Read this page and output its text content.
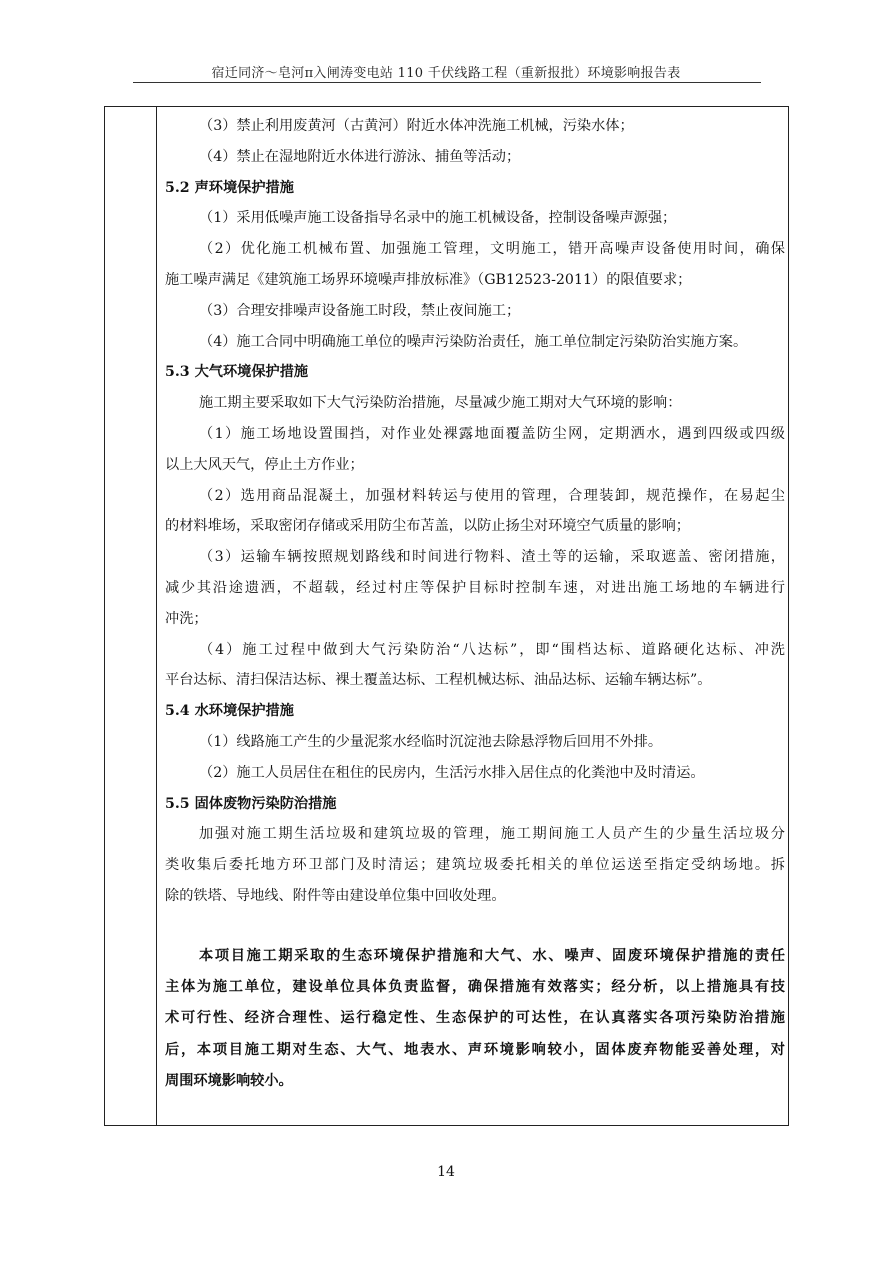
宿迁同济～皂河π入闸涛变电站 110 千伏线路工程（重新报批）环境影响报告表
（3）禁止利用废黄河（古黄河）附近水体冲洗施工机械，污染水体；
（4）禁止在湿地附近水体进行游泳、捕鱼等活动；
5.2 声环境保护措施
（1）采用低噪声施工设备指导名录中的施工机械设备，控制设备噪声源强；
（2）优化施工机械布置、加强施工管理，文明施工，错开高噪声设备使用时间，确保
施工噪声满足《建筑施工场界环境噪声排放标准》（GB12523-2011）的限值要求；
（3）合理安排噪声设备施工时段，禁止夜间施工；
（4）施工合同中明确施工单位的噪声污染防治责任，施工单位制定污染防治实施方案。
5.3 大气环境保护措施
施工期主要采取如下大气污染防治措施，尽量减少施工期对大气环境的影响：
（1）施工场地设置围挡，对作业处裸露地面覆盖防尘网，定期洒水，遇到四级或四级
以上大风天气，停止土方作业；
（2）选用商品混凝土，加强材料转运与使用的管理，合理装卸，规范操作，在易起尘
的材料堆场，采取密闭存储或采用防尘布苫盖，以防止扬尘对环境空气质量的影响；
（3）运输车辆按照规划路线和时间进行物料、渣土等的运输，采取遮盖、密闭措施，
减少其沿途遗洒，不超载，经过村庄等保护目标时控制车速，对进出施工场地的车辆进行
冲洗；
（4）施工过程中做到大气污染防治“八达标”，即“围档达标、道路硬化达标、冲洗
平台达标、清扫保洁达标、裸土覆盖达标、工程机械达标、油品达标、运输车辆达标”。
5.4 水环境保护措施
（1）线路施工产生的少量泥浆水经临时沉淀池去除悬浮物后回用不外排。
（2）施工人员居住在租住的民房内，生活污水排入居住点的化粪池中及时清运。
5.5 固体废物污染防治措施
加强对施工期生活垃圾和建筑垃圾的管理，施工期间施工人员产生的少量生活垃圾分
类收集后委托地方环卫部门及时清运；建筑垃圾委托相关的单位运送至指定受纳场地。拆
除的铁塔、导地线、附件等由建设单位集中回收处理。
本项目施工期采取的生态环境保护措施和大气、水、噪声、固废环境保护措施的责任
主体为施工单位，建设单位具体负责监督，确保措施有效落实；经分析，以上措施具有技
术可行性、经济合理性、运行稳定性、生态保护的可达性，在认真落实各项污染防治措施
后，本项目施工期对生态、大气、地表水、声环境影响较小，固体废弃物能妥善处理，对
周围环境影响较小。
14
